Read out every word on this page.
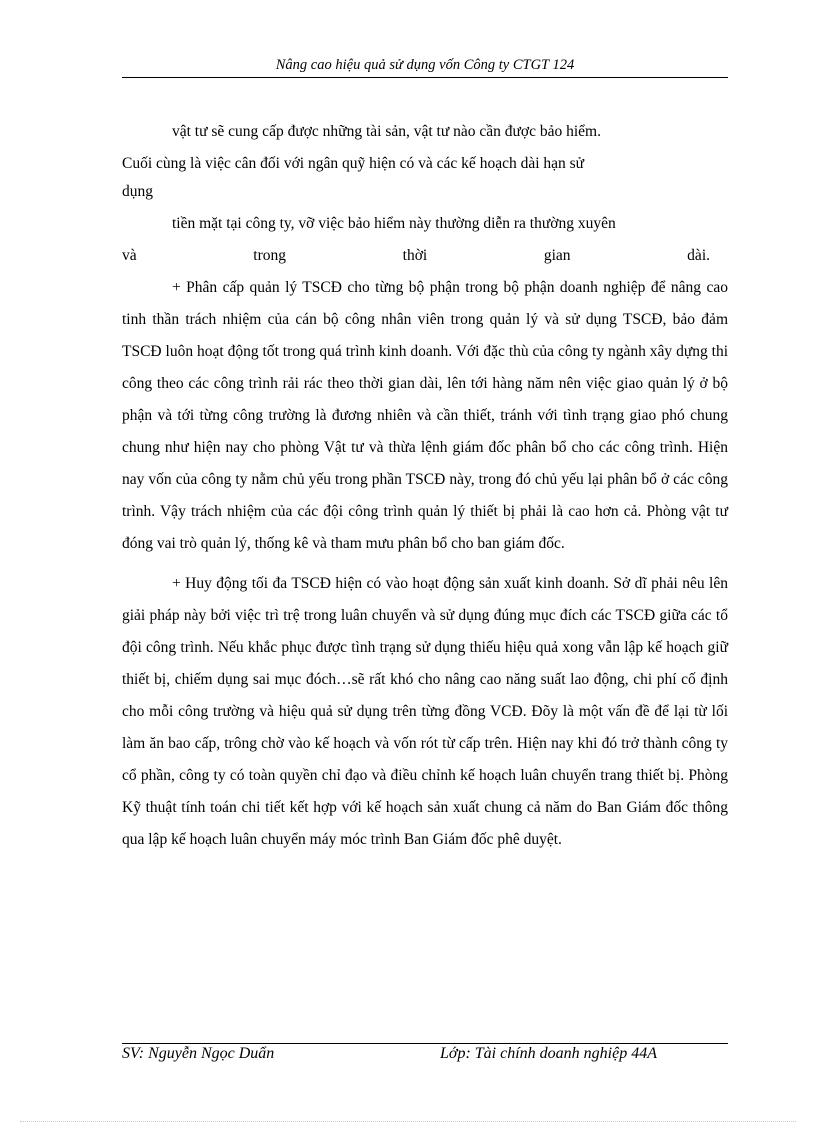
Nâng cao hiệu quả sử dụng vốn Công ty CTGT 124

vật tư sẽ cung cấp được những tài sản, vật tư nào cần được bảo hiểm.

Cuối cùng là việc cân đối với ngân quỹ hiện có và các kế hoạch dài hạn sử

dụng

tiền mặt tại công ty, vỡ việc bảo hiểm này thường diễn ra thường xuyên

và trong thời gian dài.

+ Phân cấp quản lý TSCĐ cho từng bộ phận trong bộ phận doanh nghiệp để nâng cao tinh thần trách nhiệm của cán bộ công nhân viên trong quản lý và sử dụng TSCĐ, bảo đảm TSCĐ luôn hoạt động tốt trong quá trình kinh doanh. Với đặc thù của công ty ngành xây dựng thi công theo các công trình rải rác theo thời gian dài, lên tới hàng năm nên việc giao quản lý ở bộ phận và tới từng công trường là đương nhiên và cần thiết, tránh với tình trạng giao phó chung chung như hiện nay cho phòng Vật tư và thừa lệnh giám đốc phân bổ cho các công trình. Hiện nay vốn của công ty nằm chủ yếu trong phần TSCĐ này, trong đó chủ yếu lại phân bổ ở các công trình. Vậy trách nhiệm của các đội công trình quản lý thiết bị phải là cao hơn cả. Phòng vật tư đóng vai trò quản lý, thống kê và tham mưu phân bổ cho ban giám đốc.

+ Huy động tối đa TSCĐ hiện có vào hoạt động sản xuất kinh doanh. Sở dĩ phải nêu lên giải pháp này bởi việc trì trệ trong luân chuyển và sử dụng đúng mục đích các TSCĐ giữa các tổ đội công trình. Nếu khắc phục được tình trạng sử dụng thiếu hiệu quả xong vẫn lập kế hoạch giữ thiết bị, chiếm dụng sai mục đóch…sẽ rất khó cho nâng cao năng suất lao động, chi phí cố định cho mỗi công trường và hiệu quả sử dụng trên từng đồng VCĐ. Đõy là một vấn đề để lại từ lối làm ăn bao cấp, trông chờ vào kế hoạch và vốn rót từ cấp trên. Hiện nay khi đó trở thành công ty cổ phần, công ty có toàn quyền chỉ đạo và điều chỉnh kế hoạch luân chuyển trang thiết bị. Phòng Kỹ thuật tính toán chi tiết kết hợp với kế hoạch sản xuất chung cả năm do Ban Giám đốc thông qua lập kế hoạch luân chuyển máy móc trình Ban Giám đốc phê duyệt.

SV: Nguyễn Ngọc Duẩn	Lớp: Tài chính doanh nghiệp 44A
